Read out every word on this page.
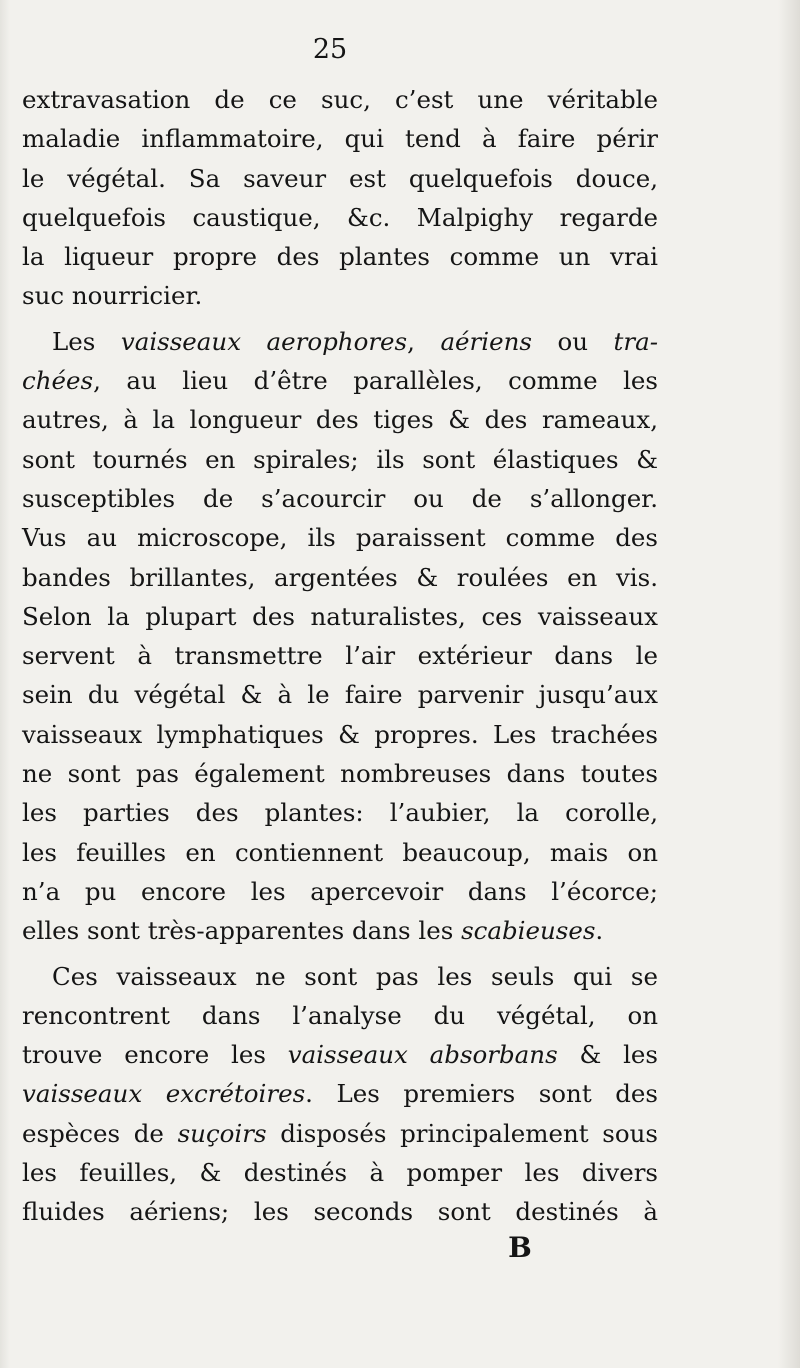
25
extravasation de ce suc, c’est une véritable
maladie inflammatoire, qui tend à faire périr
le végétal. Sa saveur est quelquefois douce,
quelquefois caustique, &c. Malpighy regarde
la liqueur propre des plantes comme un vrai
suc nourricier.
Les vaisseaux aerophores, aériens ou tra-
chées, au lieu d’être parallèles, comme les
autres, à la longueur des tiges & des rameaux,
sont tournés en spirales; ils sont élastiques &
susceptibles de s’acourcir ou de s’allonger.
Vus au microscope, ils paraissent comme des
bandes brillantes, argentées & roulées en vis.
Selon la plupart des naturalistes, ces vaisseaux
servent à transmettre l’air extérieur dans le
sein du végétal & à le faire parvenir jusqu’aux
vaisseaux lymphatiques & propres. Les trachées
ne sont pas également nombreuses dans toutes
les parties des plantes: l’aubier, la corolle,
les feuilles en contiennent beaucoup, mais on
n’a pu encore les apercevoir dans l’écorce;
elles sont très-apparentes dans les scabieuses.
Ces vaisseaux ne sont pas les seuls qui se
rencontrent dans l’analyse du végétal, on
trouve encore les vaisseaux absorbans & les
vaisseaux excrétoires. Les premiers sont des
espèces de suçoirs disposés principalement sous
les feuilles, & destinés à pomper les divers
fluides aériens; les seconds sont destinés à
B
